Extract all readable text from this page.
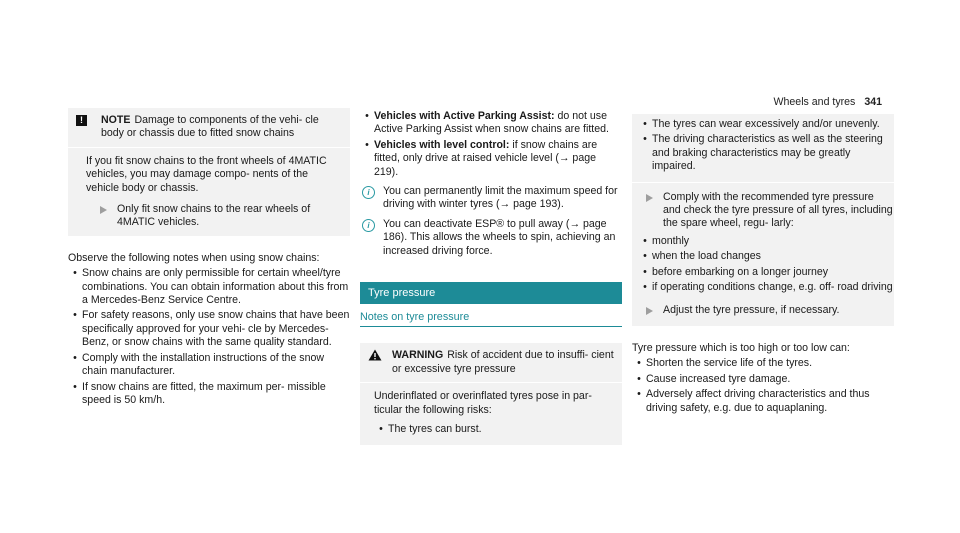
Wheels and tyres 341
!	NOTE Damage to components of the vehi- cle body or chassis due to fitted snow chains

If you fit snow chains to the front wheels of 4MATIC vehicles, you may damage compo- nents of the vehicle body or chassis.

Only fit snow chains to the rear wheels of 4MATIC vehicles.

Observe the following notes when using snow chains:

• Snow chains are only permissible for certain wheel/tyre combinations. You can obtain information about this from a Mercedes-Benz Service Centre.
• For safety reasons, only use snow chains that have been specifically approved for your vehi- cle by Mercedes-Benz, or snow chains with the same quality standard.
• Comply with the installation instructions of the snow chain manufacturer.
• If snow chains are fitted, the maximum per- missible speed is 50 km/h.
• Vehicles with Active Parking Assist: do not use Active Parking Assist when snow chains are fitted.
• Vehicles with level control: if snow chains are fitted, only drive at raised vehicle level (→ page 219).
i	You can permanently limit the maximum speed for driving with winter tyres (→ page 193).
i	You can deactivate ESP® to pull away (→ page 186). This allows the wheels to spin, achieving an increased driving force.
Tyre pressure
Notes on tyre pressure
WARNING Risk of accident due to insuffi- cient or excessive tyre pressure

Underinflated or overinflated tyres pose in par- ticular the following risks:

• The tyres can burst.
• The tyres can wear excessively and/or unevenly.
• The driving characteristics as well as the steering and braking characteristics may be greatly impaired.
Comply with the recommended tyre pressure and check the tyre pressure of all tyres, including the spare wheel, regu- larly:
• monthly
• when the load changes
• before embarking on a longer journey
• if operating conditions change, e.g. off- road driving
Adjust the tyre pressure, if necessary.

Tyre pressure which is too high or too low can:

• Shorten the service life of the tyres.
• Cause increased tyre damage.
• Adversely affect driving characteristics and thus driving safety, e.g. due to aquaplaning.
